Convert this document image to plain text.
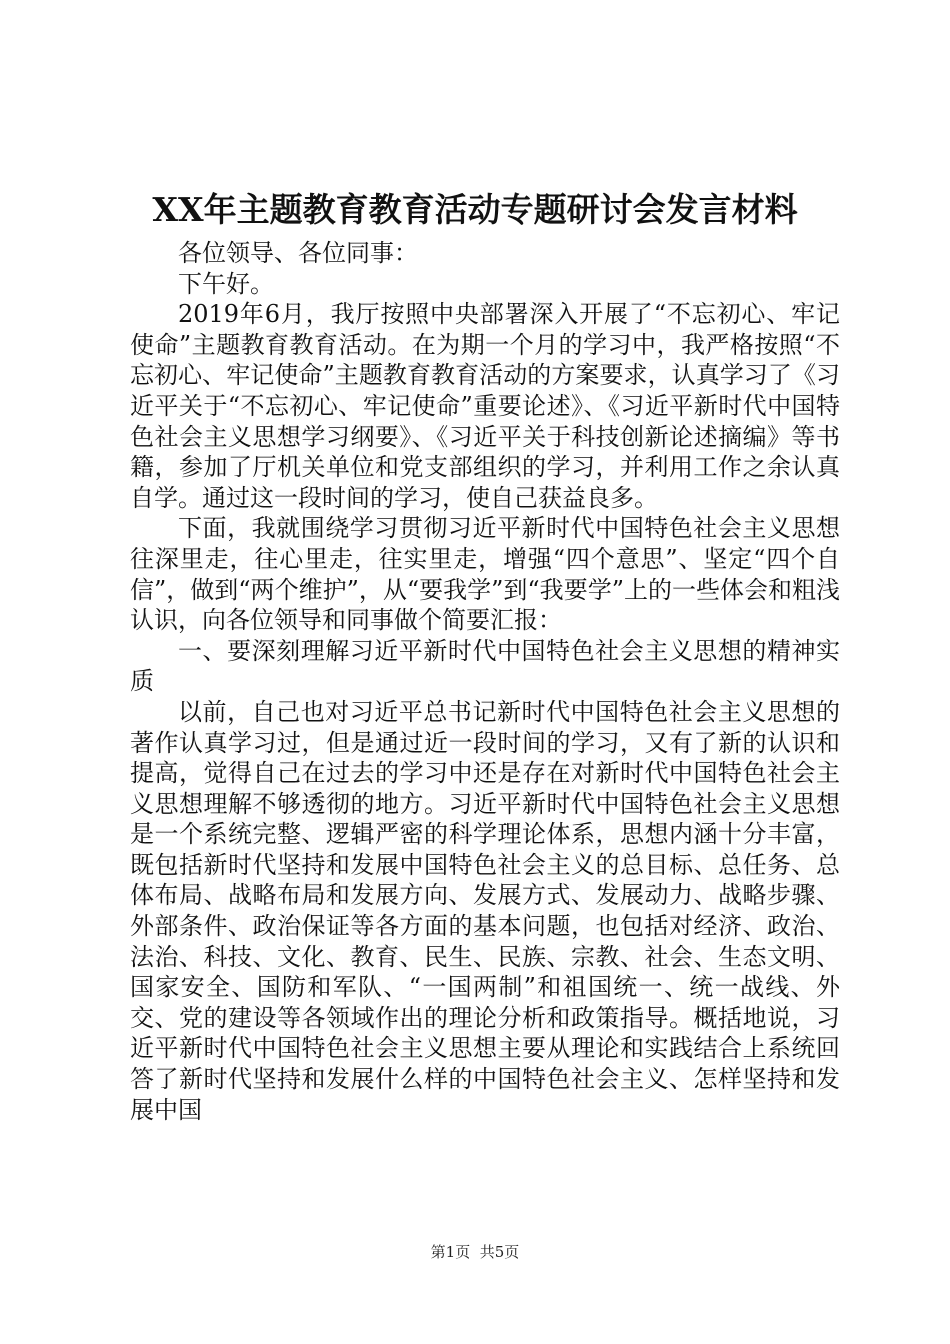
XX年主题教育教育活动专题研讨会发言材料

各位领导、各位同事：

下午好。

2019年6月，我厅按照中央部署深入开展了“不忘初心、牢记使命”主题教育教育活动。在为期一个月的学习中，我严格按照“不忘初心、牢记使命”主题教育教育活动的方案要求，认真学习了《习近平关于“不忘初心、牢记使命”重要论述》、《习近平新时代中国特色社会主义思想学习纲要》、《习近平关于科技创新论述摘编》等书籍，参加了厅机关单位和党支部组织的学习，并利用工作之余认真自学。通过这一段时间的学习，使自己获益良多。

下面，我就围绕学习贯彻习近平新时代中国特色社会主义思想往深里走，往心里走，往实里走，增强“四个意思”、坚定“四个自信”，做到“两个维护”，从“要我学”到“我要学”上的一些体会和粗浅认识，向各位领导和同事做个简要汇报：

一、要深刻理解习近平新时代中国特色社会主义思想的精神实质

以前，自己也对习近平总书记新时代中国特色社会主义思想的著作认真学习过，但是通过近一段时间的学习，又有了新的认识和提高，觉得自己在过去的学习中还是存在对新时代中国特色社会主义思想理解不够透彻的地方。习近平新时代中国特色社会主义思想是一个系统完整、逻辑严密的科学理论体系，思想内涵十分丰富，既包括新时代坚持和发展中国特色社会主义的总目标、总任务、总体布局、战略布局和发展方向、发展方式、发展动力、战略步骤、外部条件、政治保证等各方面的基本问题，也包括对经济、政治、法治、科技、文化、教育、民生、民族、宗教、社会、生态文明、国家安全、国防和军队、“一国两制”和祖国统一、统一战线、外交、党的建设等各领域作出的理论分析和政策指导。概括地说，习近平新时代中国特色社会主义思想主要从理论和实践结合上系统回答了新时代坚持和发展什么样的中国特色社会主义、怎样坚持和发展中国

第1页 共5页
